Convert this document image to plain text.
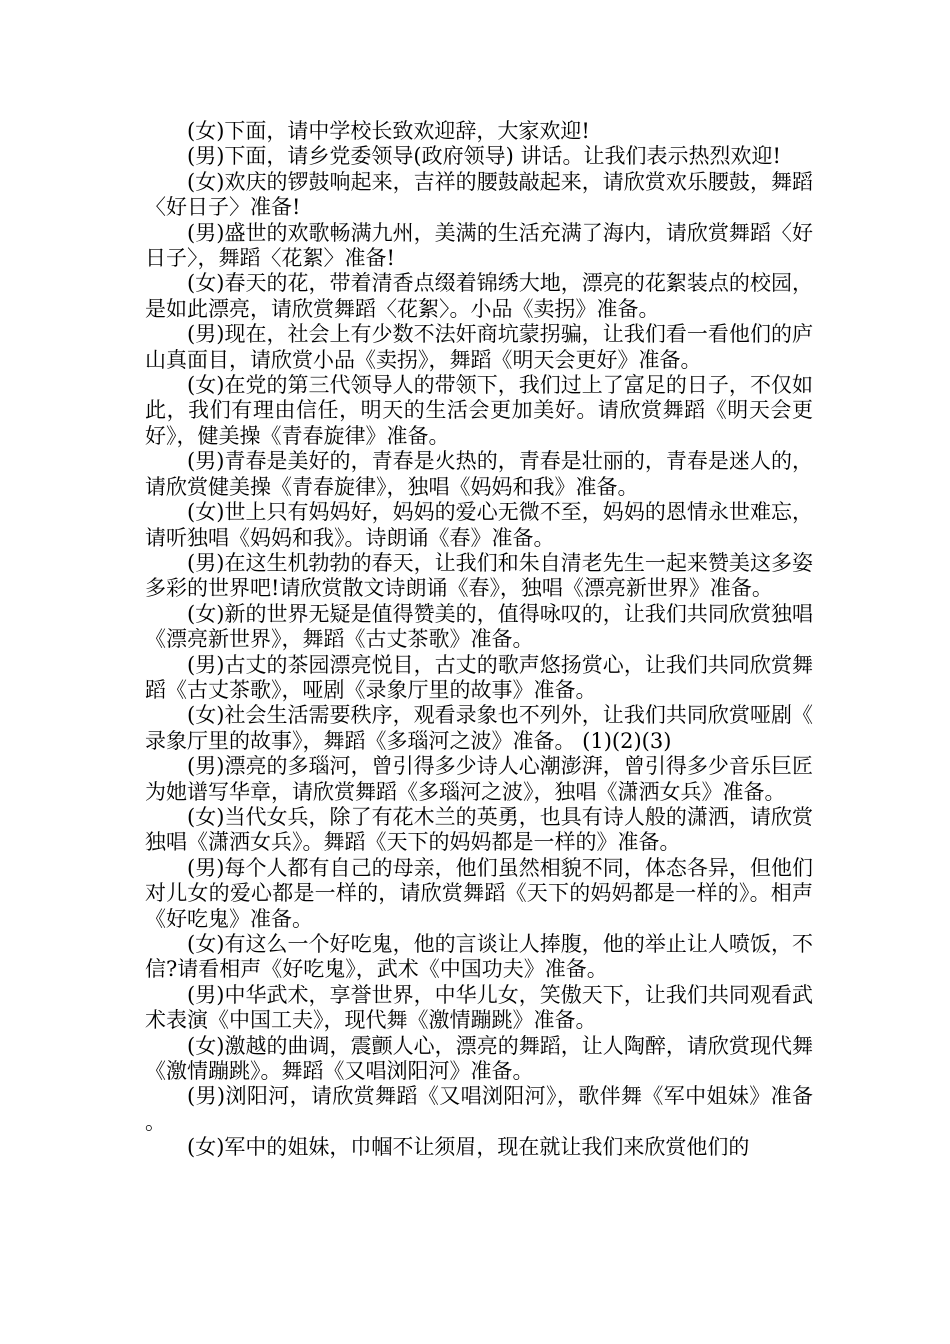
(女)下面，请中学校长致欢迎辞，大家欢迎!

(男)下面，请乡党委领导(政府领导) 讲话。让我们表示热烈欢迎!

(女)欢庆的锣鼓响起来，吉祥的腰鼓敲起来，请欣赏欢乐腰鼓，舞蹈〈好日子〉准备!

(男)盛世的欢歌畅满九州，美满的生活充满了海内，请欣赏舞蹈〈好日子〉，舞蹈〈花絮〉准备!

(女)春天的花，带着清香点缀着锦绣大地，漂亮的花絮装点的校园，是如此漂亮，请欣赏舞蹈〈花絮〉。小品《卖拐》准备。

(男)现在，社会上有少数不法奸商坑蒙拐骗，让我们看一看他们的庐山真面目，请欣赏小品《卖拐》，舞蹈《明天会更好》准备。

(女)在党的第三代领导人的带领下，我们过上了富足的日子，不仅如此，我们有理由信任，明天的生活会更加美好。请欣赏舞蹈《明天会更好》，健美操《青春旋律》准备。

(男)青春是美好的，青春是火热的，青春是壮丽的，青春是迷人的，请欣赏健美操《青春旋律》，独唱《妈妈和我》准备。

(女)世上只有妈妈好，妈妈的爱心无微不至，妈妈的恩情永世难忘，请听独唱《妈妈和我》。诗朗诵《春》准备。

(男)在这生机勃勃的春天，让我们和朱自清老先生一起来赞美这多姿多彩的世界吧!请欣赏散文诗朗诵《春》，独唱《漂亮新世界》准备。

(女)新的世界无疑是值得赞美的，值得咏叹的，让我们共同欣赏独唱《漂亮新世界》，舞蹈《古丈茶歌》准备。

(男)古丈的茶园漂亮悦目，古丈的歌声悠扬赏心，让我们共同欣赏舞蹈《古丈茶歌》，哑剧《录象厅里的故事》准备。

(女)社会生活需要秩序，观看录象也不列外，让我们共同欣赏哑剧《录象厅里的故事》，舞蹈《多瑙河之波》准备。 (1)(2)(3)

(男)漂亮的多瑙河，曾引得多少诗人心潮澎湃，曾引得多少音乐巨匠为她谱写华章，请欣赏舞蹈《多瑙河之波》，独唱《潇洒女兵》准备。

(女)当代女兵，除了有花木兰的英勇，也具有诗人般的潇洒，请欣赏独唱《潇洒女兵》。舞蹈《天下的妈妈都是一样的》准备。

(男)每个人都有自己的母亲，他们虽然相貌不同，体态各异，但他们对儿女的爱心都是一样的，请欣赏舞蹈《天下的妈妈都是一样的》。相声《好吃鬼》准备。

(女)有这么一个好吃鬼，他的言谈让人捧腹，他的举止让人喷饭，不信?请看相声《好吃鬼》，武术《中国功夫》准备。

(男)中华武术，享誉世界，中华儿女，笑傲天下，让我们共同观看武术表演《中国工夫》，现代舞《激情蹦跳》准备。

(女)激越的曲调，震颤人心，漂亮的舞蹈，让人陶醉，请欣赏现代舞《激情蹦跳》。舞蹈《又唱浏阳河》准备。

(男)浏阳河，请欣赏舞蹈《又唱浏阳河》，歌伴舞《军中姐妹》准备。

(女)军中的姐妹，巾帼不让须眉，现在就让我们来欣赏他们的
